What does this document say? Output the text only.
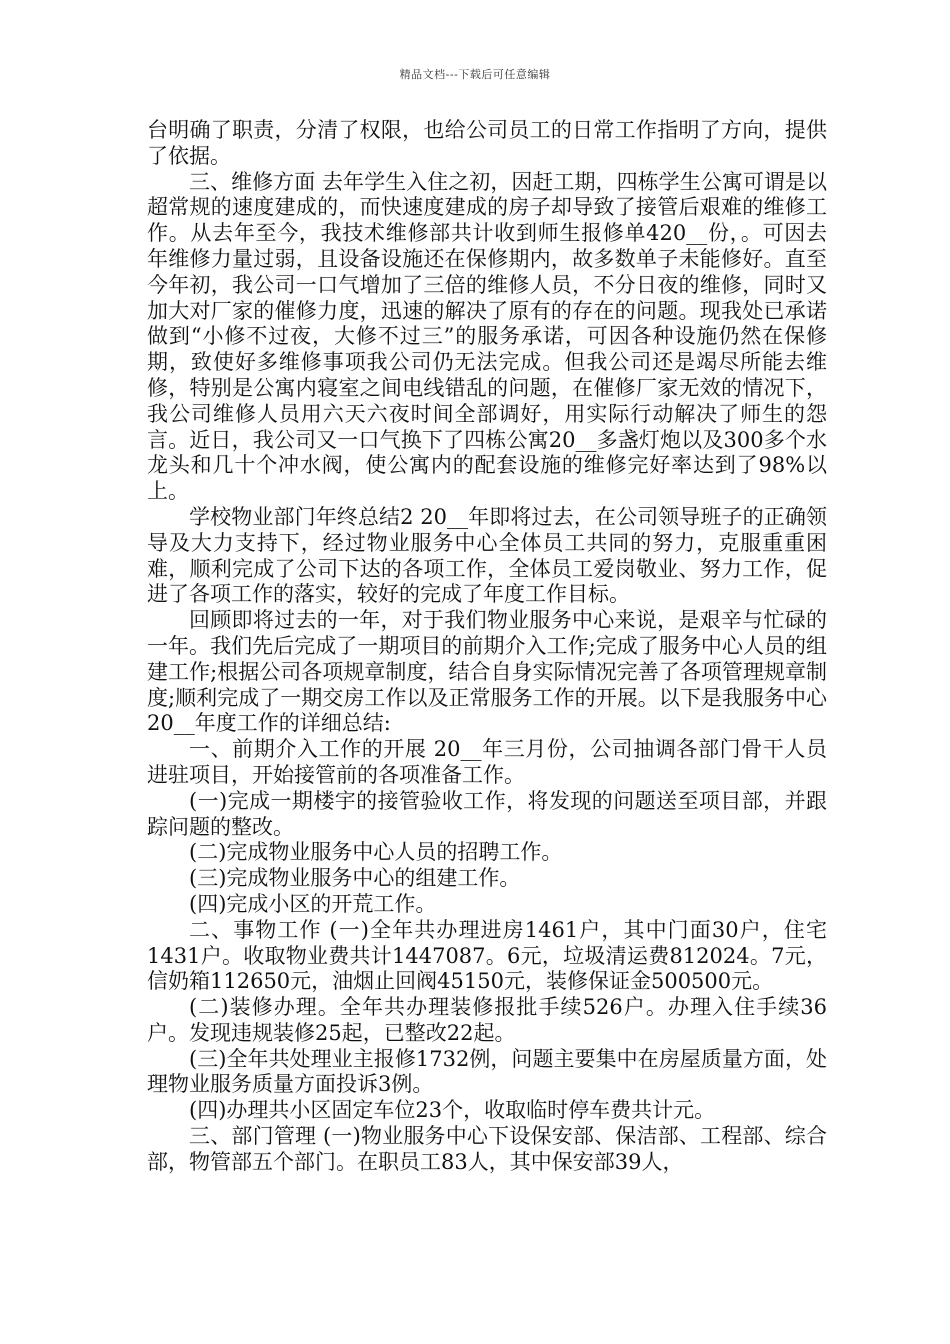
精品文档---下载后可任意编辑

台明确了职责，分清了权限，也给公司员工的日常工作指明了方向，提供了依据。

三、维修方面 去年学生入住之初，因赶工期，四栋学生公寓可谓是以超常规的速度建成的，而快速度建成的房子却导致了接管后艰难的维修工作。从去年至今，我技术维修部共计收到师生报修单420__份，。可因去年维修力量过弱，且设备设施还在保修期内，故多数单子未能修好。直至今年初，我公司一口气增加了三倍的维修人员，不分日夜的维修，同时又加大对厂家的催修力度，迅速的解决了原有的存在的问题。现我处已承诺做到“小修不过夜，大修不过三”的服务承诺，可因各种设施仍然在保修期，致使好多维修事项我公司仍无法完成。但我公司还是竭尽所能去维修，特别是公寓内寝室之间电线错乱的问题，在催修厂家无效的情况下，我公司维修人员用六天六夜时间全部调好，用实际行动解决了师生的怨言。近日，我公司又一口气换下了四栋公寓20__多盏灯炮以及300多个水龙头和几十个冲水阀，使公寓内的配套设施的维修完好率达到了98%以上。

学校物业部门年终总结2 20__年即将过去，在公司领导班子的正确领导及大力支持下，经过物业服务中心全体员工共同的努力，克服重重困难，顺利完成了公司下达的各项工作，全体员工爱岗敬业、努力工作，促进了各项工作的落实，较好的完成了年度工作目标。

回顾即将过去的一年，对于我们物业服务中心来说，是艰辛与忙碌的一年。我们先后完成了一期项目的前期介入工作;完成了服务中心人员的组建工作;根据公司各项规章制度，结合自身实际情况完善了各项管理规章制度;顺利完成了一期交房工作以及正常服务工作的开展。以下是我服务中心20__年度工作的详细总结:

一、前期介入工作的开展 20__年三月份，公司抽调各部门骨干人员进驻项目，开始接管前的各项准备工作。

(一)完成一期楼宇的接管验收工作，将发现的问题送至项目部，并跟踪问题的整改。

(二)完成物业服务中心人员的招聘工作。

(三)完成物业服务中心的组建工作。

(四)完成小区的开荒工作。

二、事物工作 (一)全年共办理进房1461户，其中门面30户，住宅1431户。收取物业费共计1447087。6元，垃圾清运费812024。7元，信奶箱112650元，油烟止回阀45150元，装修保证金500500元。

(二)装修办理。全年共办理装修报批手续526户。办理入住手续36户。发现违规装修25起，已整改22起。

(三)全年共处理业主报修1732例，问题主要集中在房屋质量方面，处理物业服务质量方面投诉3例。

(四)办理共小区固定车位23个，收取临时停车费共计元。

三、部门管理 (一)物业服务中心下设保安部、保洁部、工程部、综合部，物管部五个部门。在职员工83人，其中保安部39人，
